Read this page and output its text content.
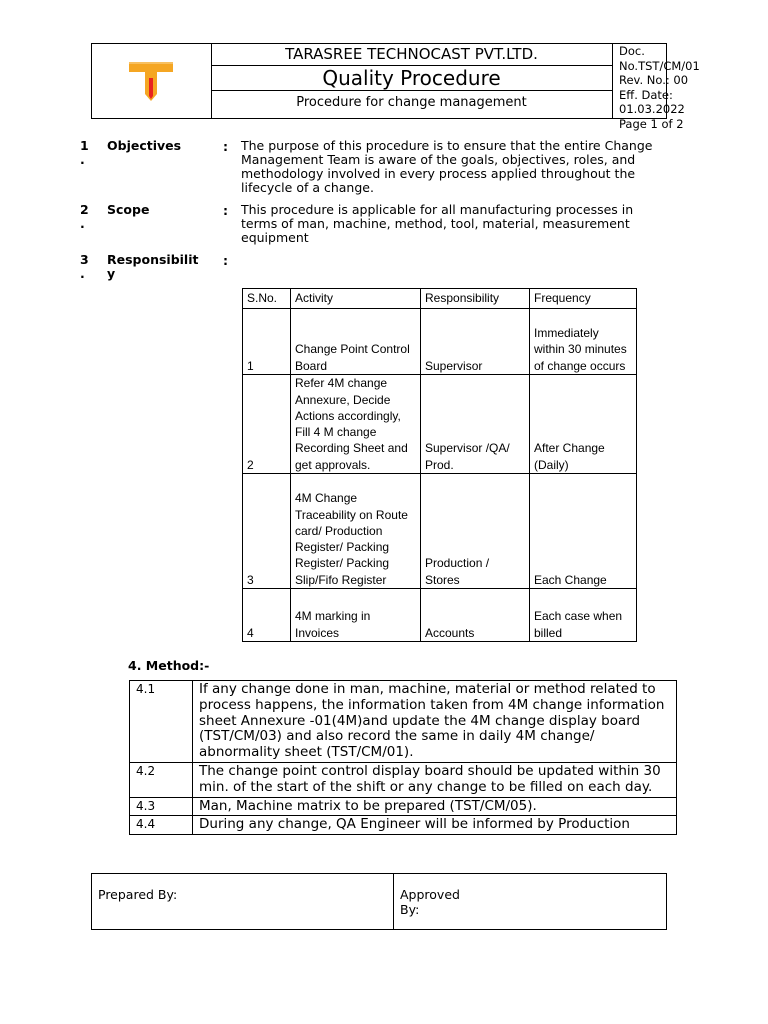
TARASREE TECHNOCAST PVT.LTD.
Quality Procedure
Procedure for change management
Doc. No.TST/CM/01
Rev. No.: 00
Eff. Date: 01.03.2022
Page 1 of 2
1
.
Objectives	: The purpose of this procedure is to ensure that the entire Change Management Team is aware of the goals, objectives, roles, and methodology involved in every process applied throughout the lifecycle of a change.
2
.
Scope	: This procedure is applicable for all manufacturing processes in terms of man, machine, method, tool, material, measurement equipment
3
.
Responsibilit
y
:
S.No.	Activity	Responsibility	Frequency
1	Change Point Control Board	Supervisor	Immediately within 30 minutes of change occurs
2	Refer 4M change Annexure, Decide Actions accordingly, Fill 4 M change Recording Sheet and get approvals.	Supervisor /QA/ Prod.	After Change (Daily)
3	4M Change Traceability on Route card/ Production Register/ Packing Register/ Packing Slip/Fifo Register	Production / Stores	Each Change
4	4M marking in Invoices	Accounts	Each case when billed
4. Method:-
4.1	If any change done in man, machine, material or method related to process happens, the information taken from 4M change information sheet Annexure -01(4M)and update the 4M change display board (TST/CM/03) and also record the same in daily 4M change/ abnormality sheet (TST/CM/01).
4.2	The change point control display board should be updated within 30 min. of the start of the shift or any change to be filled on each day.
4.3	Man, Machine matrix to be prepared (TST/CM/05).
4.4	During any change, QA Engineer will be informed by Production
Prepared By:	Approved By:
